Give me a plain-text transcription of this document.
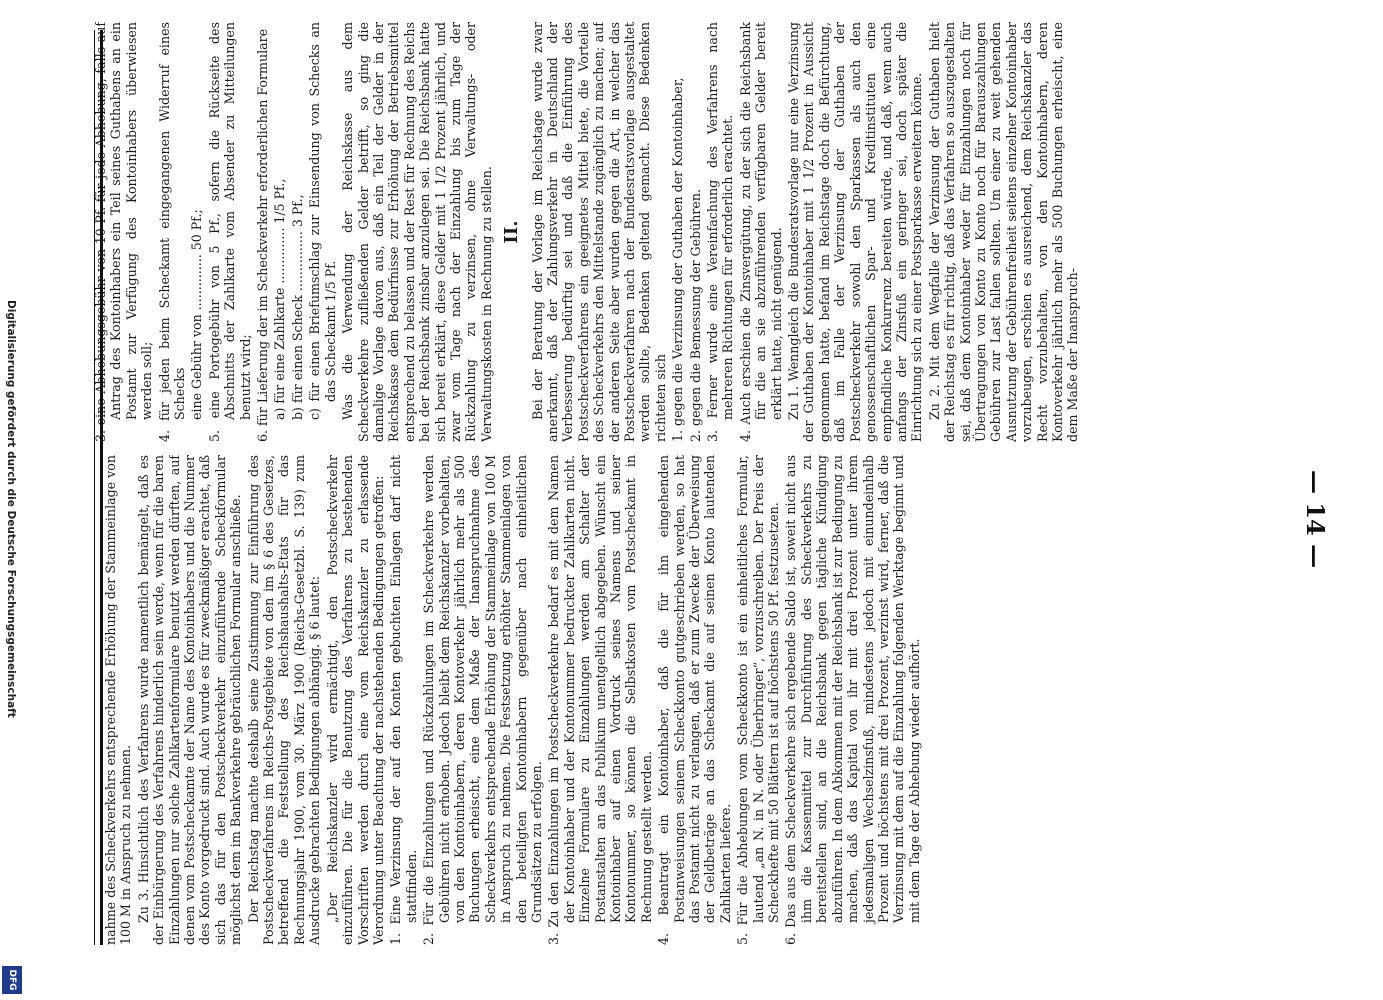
nahme des Scheckverkehrs entsprechende Erhöhung der Stammeinlage von 100 M in Anspruch zu nehmen. Zu 3. Hinsichtlich des Verfahrens wurde namentlich bemängelt, daß es der Einbürgerung des Verfahrens hinderlich sein werde, wenn für die baren Einzahlungen nur solche Zahlkartenformulare benutzt werden dürften, auf denen vom Postscheckamte der Name des Kontoinhabers und die Nummer des Konto vorgedruckt sind. Auch wurde es für zweckmäßiger erachtet, daß sich das für den Postscheckverkehr einzuführende Scheckformular möglichst dem im Bankverkehre gebräuchlichen Formular anschließe. Der Reichstag machte deshalb seine Zustimmung zur Einführung des Postscheckverfahrens im Reichs-Postgebiete von den im § 6 des Gesetzes, betreffend die Feststellung des Reichshaushalts-Etats für das Rechnungsjahr 1900, vom 30. März 1900 (Reichs-Gesetzbl. S. 139) zum Ausdrucke gebrachten Bedingungen abhängig. § 6 lautet: „Der Reichskanzler wird ermächtigt, den Postscheckverkehr einzuführen. Die für die Benutzung des Verfahrens zu bestehenden Vorschriften werden durch eine vom Reichskanzler zu erlassende Verordnung unter Beachtung der nachstehenden Bedingungen getroffen: 1. Eine Verzinsung der auf den Konten gebuchten Einlagen darf nicht stattfinden. 2. Für die Einzahlungen und Rückzahlungen im Scheckverkehre werden Gebühren nicht erhoben. Jedoch bleibt dem Reichskanzler vorbehalten, von den Kontoinhabern, deren Kontoverkehr jährlich mehr als 500 Buchungen erheischt, eine dem Maße der Inanspruchnahme des Scheckverkehrs entsprechende Erhöhung der Stammeinlage von 100 M in Anspruch zu nehmen. Die Festsetzung erhöhter Stammeinlagen von den beteiligten Kontoinhabern gegenüber nach einheitlichen Grundsätzen zu erfolgen. 3. Zu den Einzahlungen im Postscheckverkehre bedarf es mit dem Namen der Kontoinhaber und der Kontonummer bedruckter Zahlkarten nicht. Einzelne Formulare zu Einzahlungen werden am Schalter der Postanstalten an das Publikum unentgeltlich abgegeben. Wünscht ein Kontoinhaber auf einen Vordruck seines Namens und seiner Kontonummer, so können die Selbstkosten vom Postscheckamt in Rechnung gestellt werden. 4. Beantragt ein Kontoinhaber, daß die für ihn eingehenden Postanweisungen seinem Scheckkonto gutgeschrieben werden, so hat das Postamt nicht zu verlangen, daß er zum Zwecke der Überweisung der Geldbeträge an das Scheckamt die auf seinen Konto lautenden Zahlkarten liefere. 5. Für die Abhebungen vom Scheckkonto ist ein einheitliches Formular, lautend „an N. in N. oder Überbringer“, vorzuschreiben. Der Preis der Scheckhefte mit 50 Blättern ist auf höchstens 50 Pf. festzusetzen. 6. Das aus dem Scheckverkehre sich ergebende Saldo ist, soweit nicht aus ihm die Kassenmittel zur Durchführung des Scheckverkehrs zu bereitstellen sind, an die Reichsbank gegen tägliche Kündigung abzuführen. In dem Abkommen mit der Reichsbank ist zur Bedingung zu machen, daß das Kapital von ihr mit drei Prozent unter ihrem jedesmaligen Wechselzinsfuß, mindestens jedoch mit einundeinhalb Prozent und höchstens mit drei Prozent, verzinst wird, ferner, daß die Verzinsung mit dem auf die Einzahlung folgenden Werktage beginnt und mit dem Tage der Abhebung wieder aufhört.

3. eine Abhebungsgebühr von 10 Pf. für jede Abhebung, falls auf Antrag des Kontoinhabers ein Teil seines Guthabens an ein Postamt zur Verfügung des Kontoinhabers überwiesen werden soll; 4. für jeden beim Scheckamt eingegangenen Widerruf eines Schecks eine Gebühr von .............. 50 Pf.; 5. eine Portogebühr von 5 Pf., sofern die Rückseite des Abschnitts der Zahlkarte vom Absender zu Mitteilungen benutzt wird; 6. für Lieferung der im Scheckverkehr erforderlichen Formulare a) für eine Zahlkarte .............. 1/5 Pf., b) für einen Scheck ............... 3 Pf., c) für einen Briefumschlag zur Einsendung von Schecks an das Scheckamt 1/5 Pf. Was die Verwendung der Reichskasse aus dem Scheckverkehre zufließenden Gelder betrifft, so ging die damalige Vorlage davon aus, daß ein Teil der Gelder in der Reichskasse dem Bedürfnisse zur Erhöhung der Betriebsmittel entsprechend zu belassen und der Rest für Rechnung des Reichs bei der Reichsbank zinsbar anzulegen sei. Die Reichsbank hatte sich bereit erklärt, diese Gelder mit 1 1/2 Prozent jährlich, und zwar vom Tage nach der Einzahlung bis zum Tage der Rückzahlung zu verzinsen, ohne Verwaltungs- oder Verwaltungskosten in Rechnung zu stellen. II. Bei der Beratung der Vorlage im Reichstage wurde zwar anerkannt, daß der Zahlungsverkehr in Deutschland der Verbesserung bedürftig sei und daß die Einführung des Postscheckverfahrens ein geeignetes Mittel biete, die Vorteile des Scheckverkehrs den Mittelstande zugänglich zu machen; auf der anderen Seite aber wurden gegen die Art, in welcher das Postscheckverfahren nach der Bundesratsvorlage ausgestaltet werden sollte, Bedenken geltend gemacht. Diese Bedenken richteten sich 1. gegen die Verzinsung der Guthaben der Kontoinhaber, 2. gegen die Bemessung der Gebühren. 3. Ferner wurde eine Vereinfachung des Verfahrens nach mehreren Richtungen für erforderlich erachtet. 4. Auch erschien die Zinsvergütung, zu der sich die Reichsbank für die an sie abzuführenden verfügbaren Gelder bereit erklärt hatte, nicht genügend. Zu 1. Wenngleich die Bundesratsvorlage nur eine Verzinsung der Guthaben der Kontoinhaber mit 1 1/2 Prozent in Aussicht genommen hatte, befand im Reichstage doch die Befürchtung, daß im Falle der Verzinsung der Guthaben der Postscheckverkehr sowohl den Sparkassen als auch den genossenschaftlichen Spar- und Kreditinstituten eine empfindliche Konkurrenz bereiten würde, und daß, wenn auch anfangs der Zinsfuß ein geringer sei, doch später die Einrichtung sich zu einer Postsparkasse erweitern könne. Zu 2. Mit dem Wegfalle der Verzinsung der Guthaben hielt der Reichstag es für richtig, daß das Verfahren so auszugestalten sei, daß dem Kontoinhaber weder für Einzahlungen noch für Übertragungen von Konto zu Konto noch für Barauszahlungen Gebühren zur Last fallen sollten. Um einer zu weit gehenden Ausnutzung der Gebührenfreiheit seitens einzelner Kontoinhaber vorzubeugen, erschien es ausreichend, dem Reichskanzler das Recht vorzubehalten, von den Kontoinhabern, deren Kontoverkehr jährlich mehr als 500 Buchungen erheischt, eine dem Maße der Inanspruch-

— 14 —
Digitalisierung gefördert durch die Deutsche Forschungsgemeinschaft
DFG
